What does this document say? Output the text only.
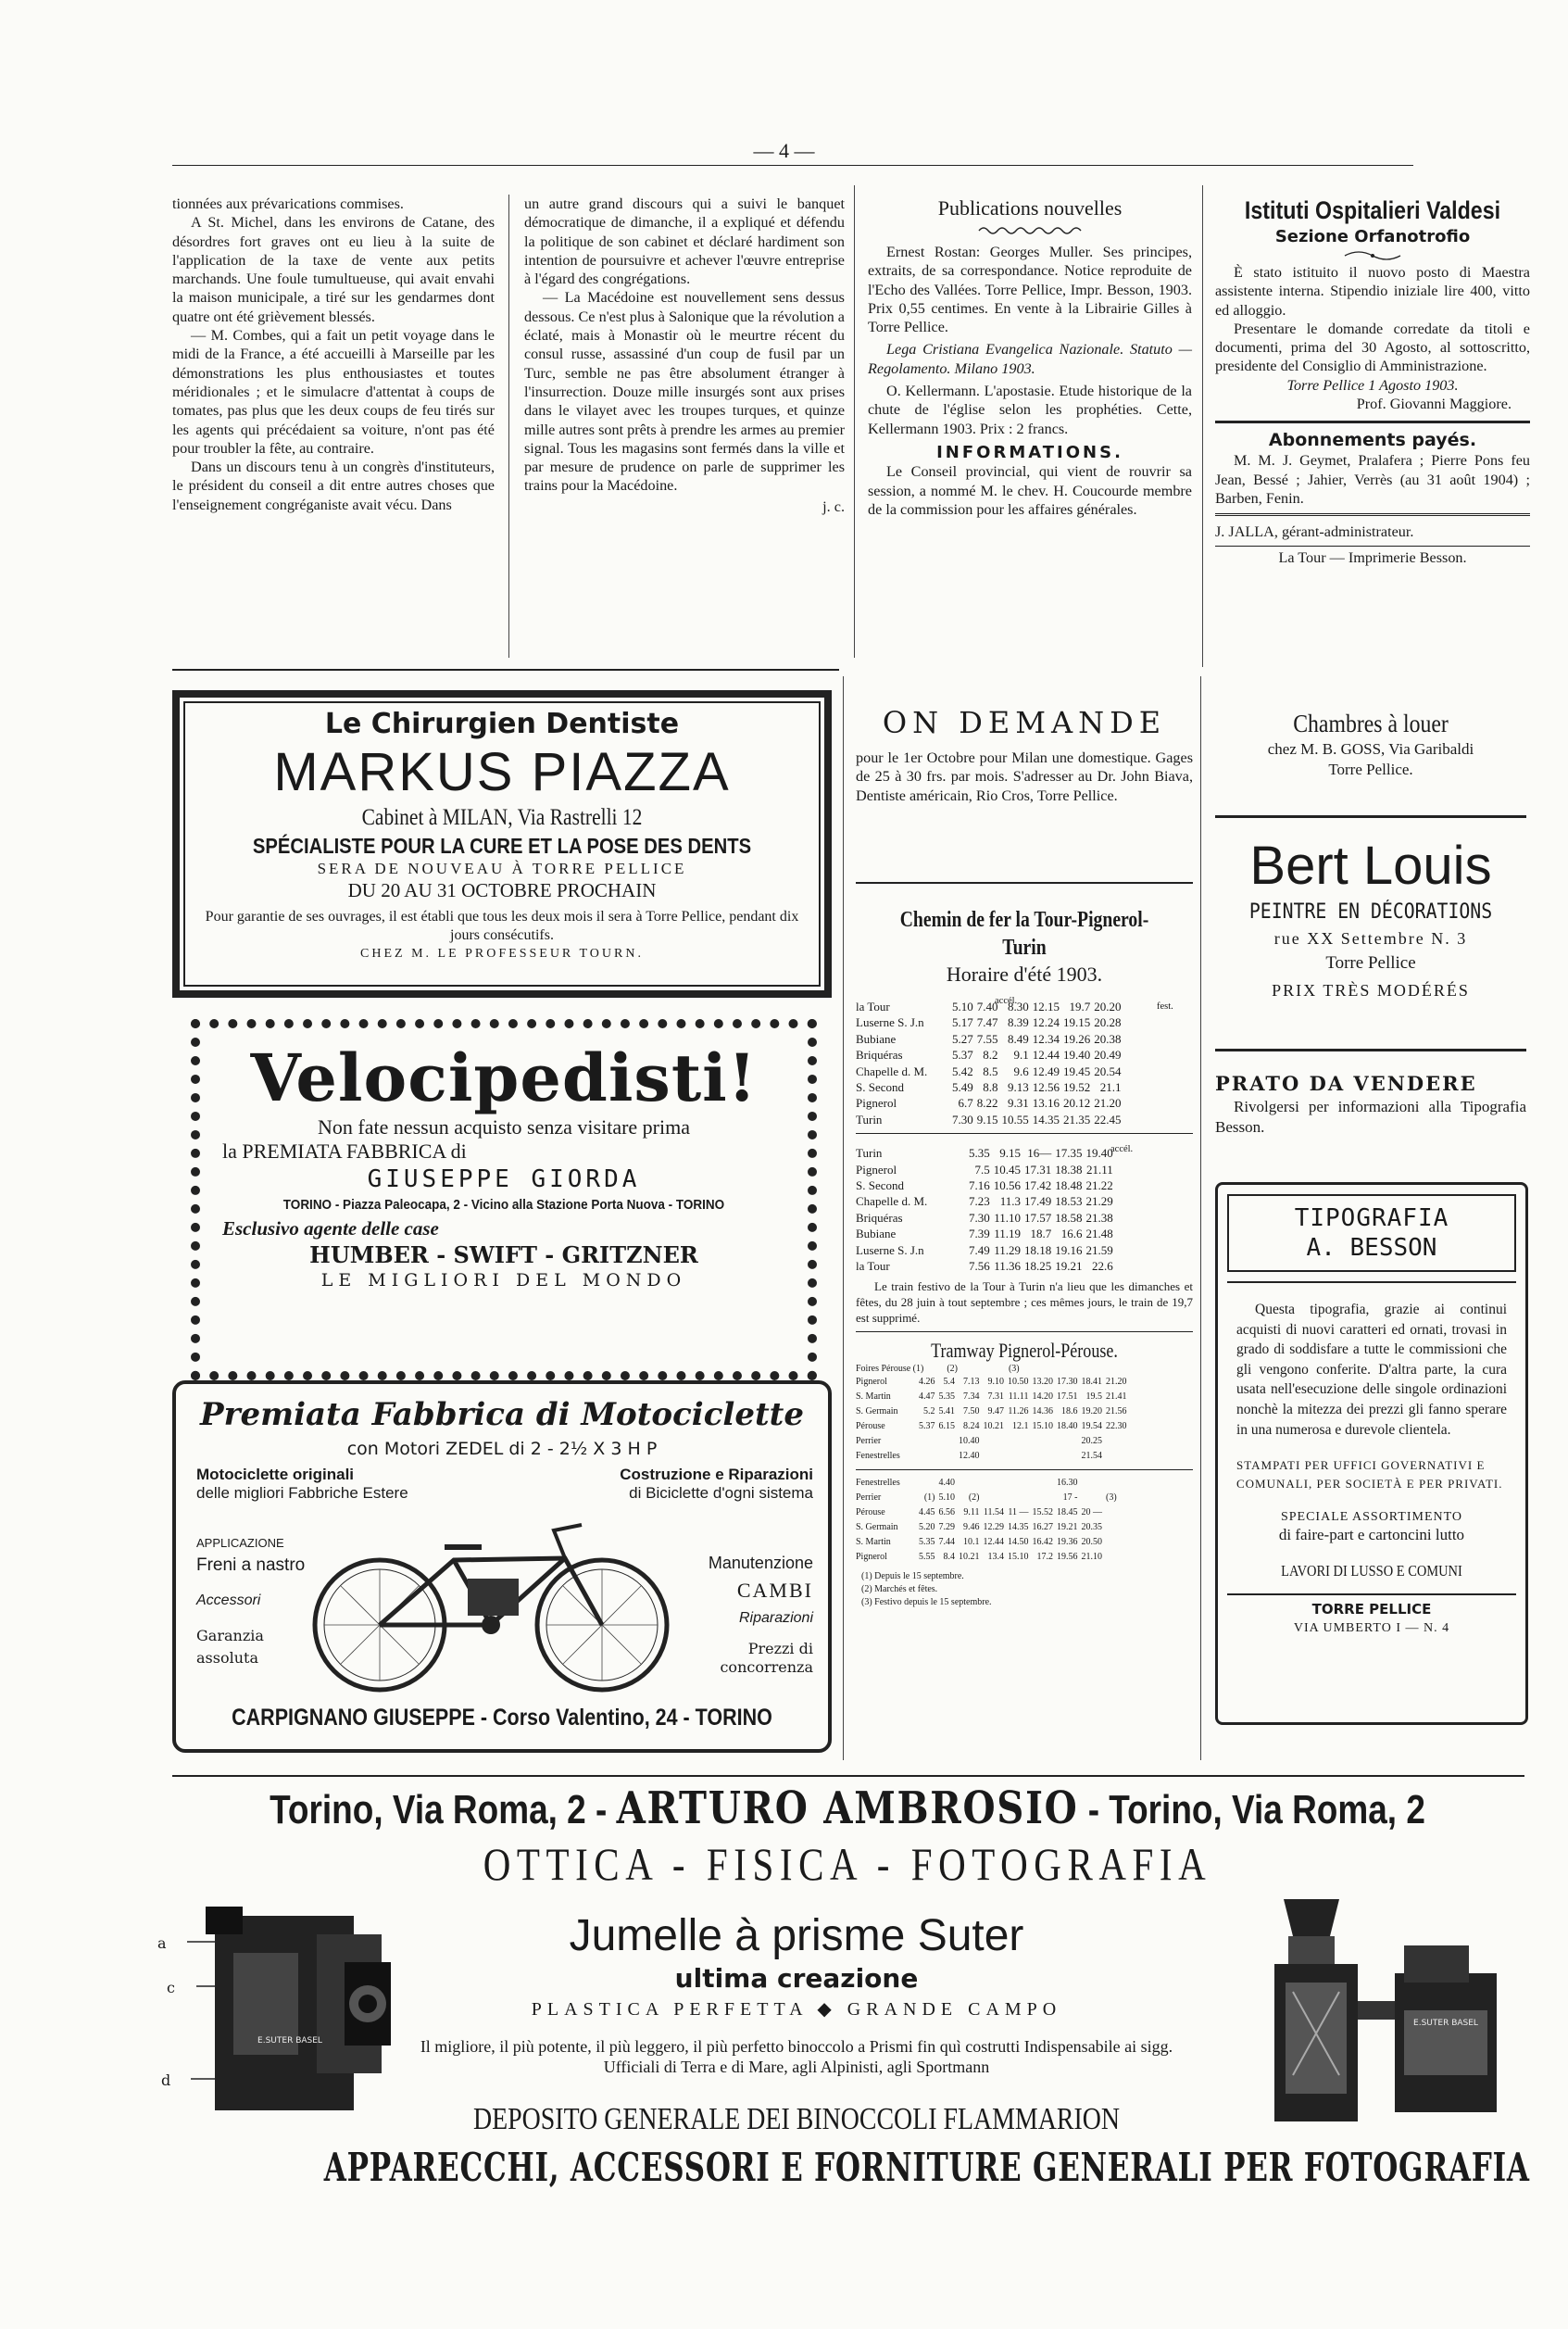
— 4 —

tionnées aux prévarications commises.

A St. Michel, dans les environs de Catane, des désordres fort graves ont eu lieu à la suite de l'application de la taxe de vente aux petits marchands. Une foule tumultueuse, qui avait envahi la maison municipale, a tiré sur les gendarmes dont quatre ont été grièvement blessés.

— M. Combes, qui a fait un petit voyage dans le midi de la France, a été accueilli à Marseille par les démonstrations les plus enthousiastes et toutes méridionales ; et le simulacre d'attentat à coups de tomates, pas plus que les deux coups de feu tirés sur les agents qui précédaient sa voiture, n'ont pas été pour troubler la fête, au contraire.

Dans un discours tenu à un congrès d'instituteurs, le président du conseil a dit entre autres choses que l'enseignement congréganiste avait vécu. Dans

un autre grand discours qui a suivi le banquet démocratique de dimanche, il a expliqué et défendu la politique de son cabinet et déclaré hardiment son intention de poursuivre et achever l'œuvre entreprise à l'égard des congrégations.

— La Macédoine est nouvellement sens dessus dessous. Ce n'est plus à Salonique que la révolution a éclaté, mais à Monastir où le meurtre récent du consul russe, assassiné d'un coup de fusil par un Turc, semble ne pas être absolument étranger à l'insurrection. Douze mille insurgés sont aux prises dans le vilayet avec les troupes turques, et quinze mille autres sont prêts à prendre les armes au premier signal. Tous les magasins sont fermés dans la ville et par mesure de prudence on parle de supprimer les trains pour la Macédoine.

j. c.
Publications nouvelles

Ernest Rostan: Georges Muller. Ses principes, extraits, de sa correspondance. Notice reproduite de l'Echo des Vallées. Torre Pellice, Impr. Besson, 1903. Prix 0,55 centimes. En vente à la Librairie Gilles à Torre Pellice.

Lega Cristiana Evangelica Nazionale. Statuto — Regolamento. Milano 1903.

O. Kellermann. L'apostasie. Etude historique de la chute de l'église selon les prophéties. Cette, Kellermann 1903. Prix : 2 francs.

INFORMATIONS.

Le Conseil provincial, qui vient de rouvrir sa session, a nommé M. le chev. H. Coucourde membre de la commission pour les affaires générales.

Istituti Ospitalieri Valdesi
Sezione Orfanotrofio

È stato istituito il nuovo posto di Maestra assistente interna. Stipendio iniziale lire 400, vitto ed alloggio.

Presentare le domande corredate da titoli e documenti, prima del 30 Agosto, al sottoscritto, presidente del Consiglio di Amministrazione.

Torre Pellice 1 Agosto 1903.
Prof. Giovanni Maggiore.
Abonnements payés.

M. M. J. Geymet, Pralafera ; Pierre Pons feu Jean, Bessé ; Jahier, Verrès (au 31 août 1904) ; Barben, Fenin.

J. JALLA, gérant-administrateur.
La Tour — Imprimerie Besson.
Le Chirurgien Dentiste
MARKUS PIAZZA
Cabinet à MILAN, Via Rastrelli 12
SPÉCIALISTE POUR LA CURE ET LA POSE DES DENTS
SERA DE NOUVEAU À TORRE PELLICE
DU 20 AU 31 OCTOBRE PROCHAIN
Pour garantie de ses ouvrages, il est établi que tous les deux mois il sera à Torre Pellice, pendant dix jours consécutifs.
CHEZ M. LE PROFESSEUR TOURN.
Velocipedisti!
Non fate nessun acquisto senza visitare prima
la PREMIATA FABBRICA di
GIUSEPPE GIORDA
TORINO - Piazza Paleocapa, 2 - Vicino alla Stazione Porta Nuova - TORINO
Esclusivo agente delle case
HUMBER - SWIFT - GRITZNER
LE MIGLIORI DEL MONDO
Premiata Fabbrica di Motociclette
con Motori ZEDEL di 2 - 2½ X 3 H P
Motociclette originali
delle migliori Fabbriche Estere
Costruzione e Riparazioni
di Biciclette d'ogni sistema
APPLICAZIONE
Freni a nastro
Accessori
Garanzia assoluta
Manutenzione
CAMBI
Riparazioni
Prezzi di concorrenza
CARPIGNANO GIUSEPPE - Corso Valentino, 24 - TORINO
ON DEMANDE

pour le 1er Octobre pour Milan une domestique. Gages de 25 à 30 frs. par mois. S'adresser au Dr. John Biava, Dentiste américain, Rio Cros, Torre Pellice.

Chemin de fer la Tour-Pignerol-Turin
Horaire d'été 1903.
accél.
fest.
la Tour	5.10	7.40	8.30	12.15	19.7	20.20
Luserne S. J.n	5.17	7.47	8.39	12.24	19.15	20.28
Bubiane	5.27	7.55	8.49	12.34	19.26	20.38
Briquéras	5.37	8.2	9.1	12.44	19.40	20.49
Chapelle d. M.	5.42	8.5	9.6	12.49	19.45	20.54
S. Second	5.49	8.8	9.13	12.56	19.52	21.1
Pignerol	6.7	8.22	9.31	13.16	20.12	21.20
Turin	7.30	9.15	10.55	14.35	21.35	22.45
accél.
Turin	5.35	9.15	16—	17.35	19.40
Pignerol	7.5	10.45	17.31	18.38	21.11
S. Second	7.16	10.56	17.42	18.48	21.22
Chapelle d. M.	7.23	11.3	17.49	18.53	21.29
Briquéras	7.30	11.10	17.57	18.58	21.38
Bubiane	7.39	11.19	18.7	16.6	21.48
Luserne S. J.n	7.49	11.29	18.18	19.16	21.59
la Tour	7.56	11.36	18.25	19.21	22.6
Le train festivo de la Tour à Turin n'a lieu que les dimanches et fêtes, du 28 juin à tout septembre ; ces mêmes jours, le train de 19,7 est supprimé.
Tramway Pignerol-Pérouse.
Foires Pérouse (1)          (2)                      (3)
Pignerol	4.26	5.4	7.13	9.10	10.50	13.20	17.30	18.41	21.20
S. Martin	4.47	5.35	7.34	7.31	11.11	14.20	17.51	19.5	21.41
S. Germain	5.2	5.41	7.50	9.47	11.26	14.36	18.6	19.20	21.56
Pérouse	5.37	6.15	8.24	10.21	12.1	15.10	18.40	19.54	22.30
Perrier			10.40					20.25	
Fenestrelles			12.40					21.54	
Fenestrelles		4.40					16.30		
Perrier	(1)	5.10	(2)				17 -		(3)
Pérouse	4.45	6.56	9.11	11.54	11 —	15.52	18.45	20 —	
S. Germain	5.20	7.29	9.46	12.29	14.35	16.27	19.21	20.35	
S. Martin	5.35	7.44	10.1	12.44	14.50	16.42	19.36	20.50	
Pignerol	5.55	8.4	10.21	13.4	15.10	17.2	19.56	21.10	
(1) Depuis le 15 septembre.
(2) Marchés et fêtes.
(3) Festivo depuis le 15 septembre.
Chambres à louer
chez M. B. GOSS, Via Garibaldi
Torre Pellice.
Bert Louis
PEINTRE EN DÉCORATIONS
rue XX Settembre N. 3
Torre Pellice
PRIX TRÈS MODÉRÉS
PRATO DA VENDERE

Rivolgersi per informazioni alla Tipografia Besson.

TIPOGRAFIA
A. BESSON
Questa tipografia, grazie ai continui acquisti di nuovi caratteri ed ornati, trovasi in grado di soddisfare a tutte le commissioni che gli vengono conferite. D'altra parte, la cura usata nell'esecuzione delle singole ordinazioni nonchè la mitezza dei prezzi gli fanno sperare in una numerosa e durevole clientela.
STAMPATI PER UFFICI GOVERNATIVI E COMUNALI, PER SOCIETÀ E PER PRIVATI.
SPECIALE ASSORTIMENTO
di faire-part e cartoncini lutto
LAVORI DI LUSSO E COMUNI
TORRE PELLICE
VIA UMBERTO I — N. 4
Torino, Via Roma, 2 - ARTURO AMBROSIO - Torino, Via Roma, 2
OTTICA - FISICA - FOTOGRAFIA
Jumelle à prisme Suter
ultima creazione
PLASTICA PERFETTA ◆ GRANDE CAMPO
Il migliore, il più potente, il più leggero, il più perfetto binoccolo a Prismi fin quì costrutti Indispensabile ai sigg. Ufficiali di Terra e di Mare, agli Alpinisti, agli Sportmann
DEPOSITO GENERALE DEI BINOCCOLI FLAMMARION
APPARECCHI, ACCESSORI E FORNITURE GENERALI PER FOTOGRAFIA
a
c
d
E.SUTER BASEL
E.SUTER BASEL
